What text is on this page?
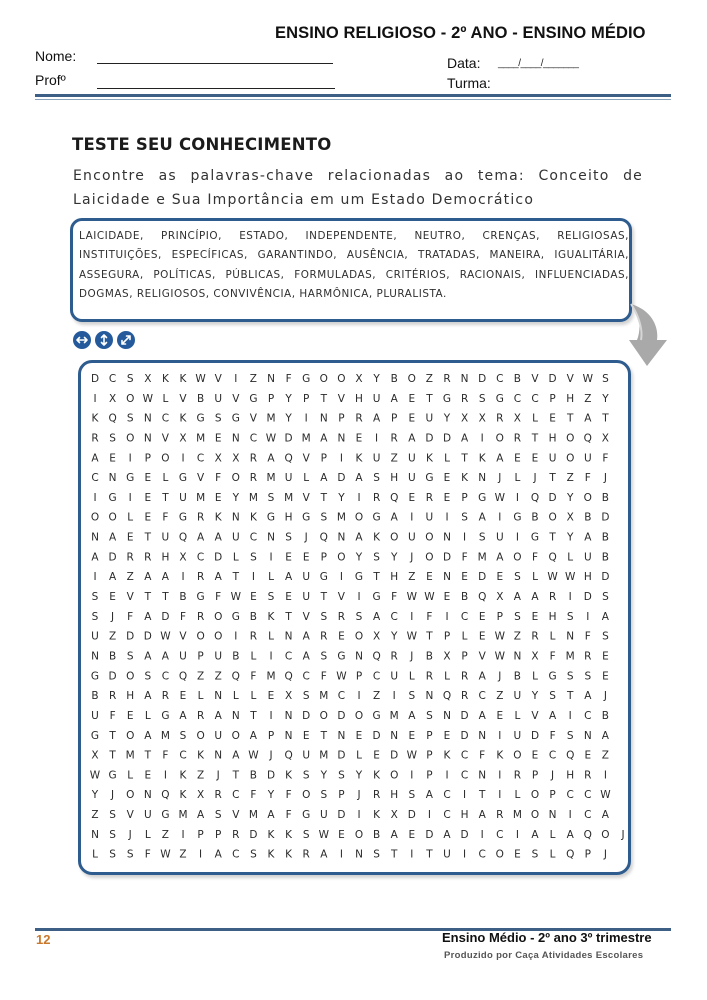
ENSINO RELIGIOSO - 2º ANO - ENSINO MÉDIO
Nome:
Profº
Data: ____/____/_______
Turma:
TESTE SEU CONHECIMENTO
Encontre as palavras-chave relacionadas ao tema: Conceito de Laicidade e Sua Importância em um Estado Democrático
LAICIDADE, PRINCÍPIO, ESTADO, INDEPENDENTE, NEUTRO, CRENÇAS, RELIGIOSAS, INSTITUIÇÕES, ESPECÍFICAS, GARANTINDO, AUSÊNCIA, TRATADAS, MANEIRA, IGUALITÁRIA, ASSEGURA, POLÍTICAS, PÚBLICAS, FORMULADAS, CRITÉRIOS, RACIONAIS, INFLUENCIADAS, DOGMAS, RELIGIOSOS, CONVIVÊNCIA, HARMÔNICA, PLURALISTA.
D C S X K K W V I Z N F G O O X Y B O Z R N D C B V D V W S
I X O W L V B U V G P Y P T V H U A E T G R S G C C P H Z Y
K Q S N C K G S G V M Y I N P R A P E U Y X X R X L E T A T
R S O N V X M E N C W D M A N E I R A D D A I O R T H O Q X
A E I P O I C X X R A Q V P I K U Z U K L T K A E E U O U F
C N G E L G V F O R M U L A D A S H U G E K N J L J T Z F J
I G I E T U M E Y M S M V T Y I R Q E R E P G W I Q D Y O B
O O L E F G R K N K G H G S M O G A I U I S A I G B O X B D
N A E T U Q A A U C N S J Q N A K O U O N I S U I G T Y A B
A D R R H X C D L S I E E P O Y S Y J O D F M A O F Q L U B
I A Z A A I R A T I L A U G I G T H Z E N E D E S L W W H D
S E V T T B G F W E S E U T V I G F W W E B Q X A A R I D S
S J F A D F R O G B K T V S R S A C I F I C E P S E H S I A
U Z D D W V O O I R L N A R E O X Y W T P L E W Z R L N F S
N B S A A U P U B L I C A S G N Q R J B X P V W N X F M R E
G D O S C Q Z Z Q F M Q C F W P C U L R L R A J B L G S S E
B R H A R E L N L L E X S M C I Z I S N Q R C Z U Y S T A J
U F E L G A R A N T I N D O D O G M A S N D A E L V A I C B
G T O A M S O U O A P N E T N E D N E P E D N I U D F S N A
X T M T F C K N A W J Q U M D L E D W P K C F K O E C Q E Z
W G L E I K Z J T B D K S Y S Y K O I P I C N I R P J H R I
Y J O N Q K X R C F Y F O S P J R H S A C I T I L O P C C W
Z S V U G M A S V M A F G U D I K X D I C H A R M O N I C A
N S J L Z I P P R D K K S W E O B A E D A D I C I A L A Q O J
L S S F W Z I A C S K K R A I N S T I T U I C O E S L Q P J
12	Ensino Médio - 2º ano 3º trimestre
Produzido por Caça Atividades Escolares
